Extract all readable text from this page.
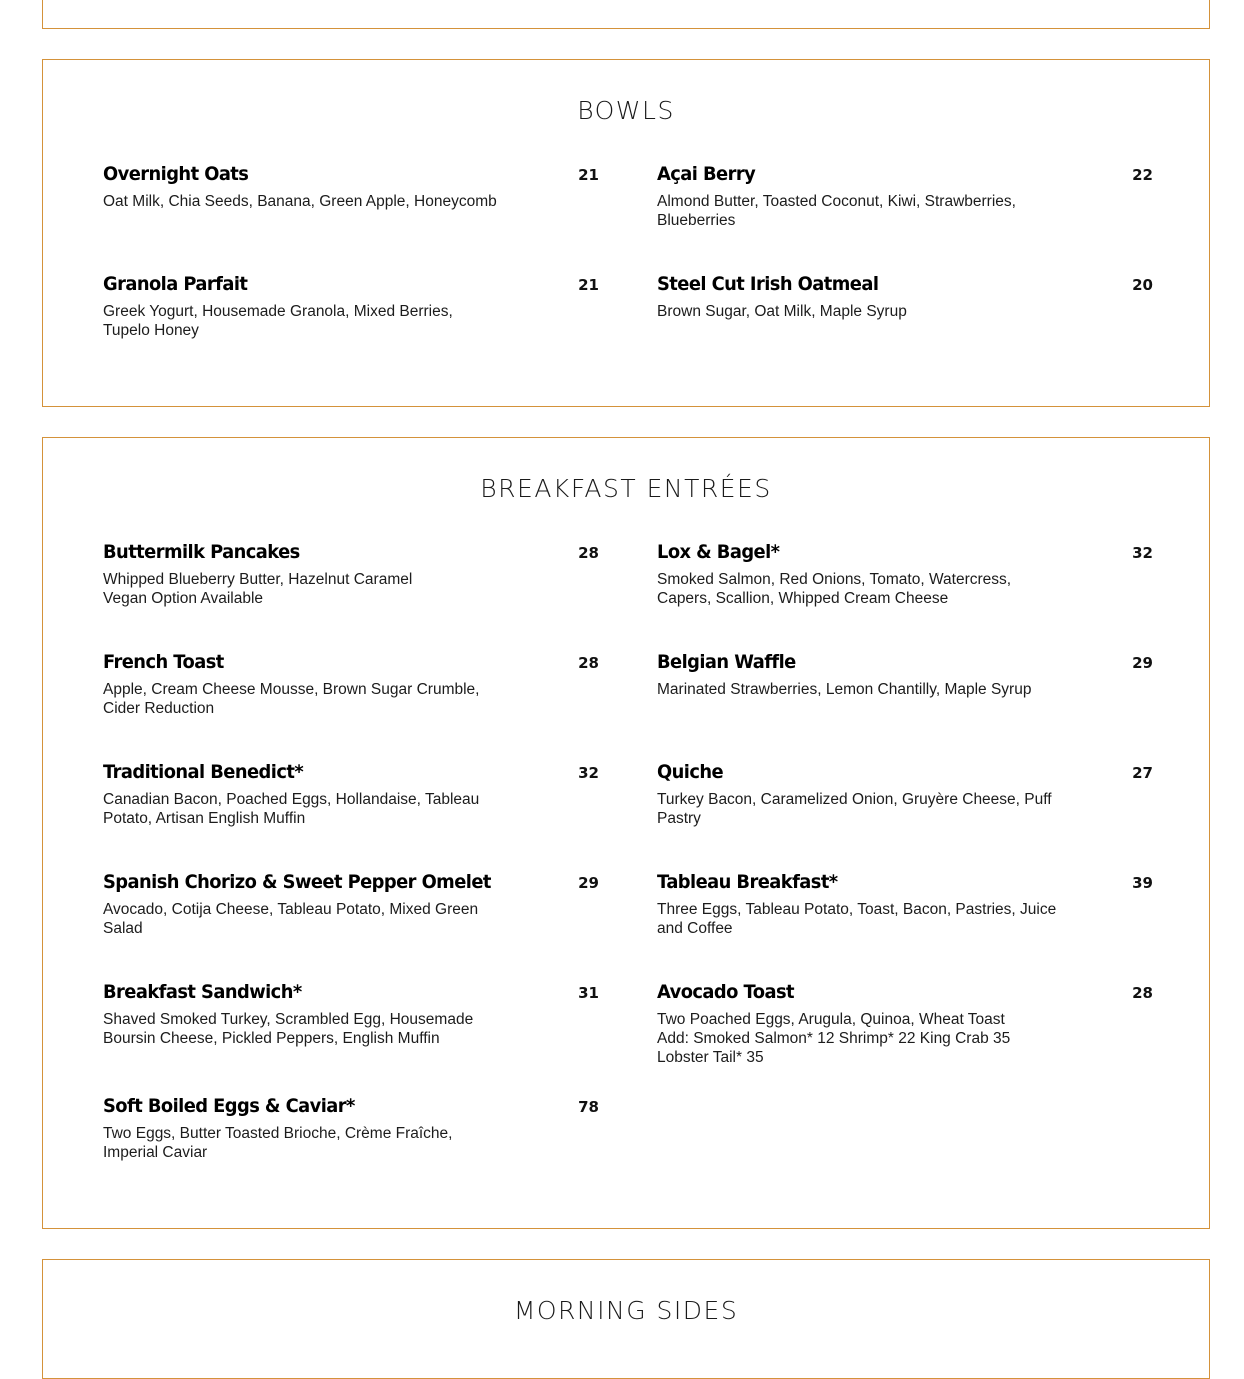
BOWLS
Overnight Oats	21
Oat Milk, Chia Seeds, Banana, Green Apple, Honeycomb
Açai Berry	22
Almond Butter, Toasted Coconut, Kiwi, Strawberries,
Blueberries
Granola Parfait	21
Greek Yogurt, Housemade Granola, Mixed Berries,
Tupelo Honey
Steel Cut Irish Oatmeal	20
Brown Sugar, Oat Milk, Maple Syrup
BREAKFAST ENTRÉES
Buttermilk Pancakes	28
Whipped Blueberry Butter, Hazelnut Caramel
Vegan Option Available
Lox & Bagel*	32
Smoked Salmon, Red Onions, Tomato, Watercress,
Capers, Scallion, Whipped Cream Cheese
French Toast	28
Apple, Cream Cheese Mousse, Brown Sugar Crumble,
Cider Reduction
Belgian Waffle	29
Marinated Strawberries, Lemon Chantilly, Maple Syrup
Traditional Benedict*	32
Canadian Bacon, Poached Eggs, Hollandaise, Tableau
Potato, Artisan English Muffin
Quiche	27
Turkey Bacon, Caramelized Onion, Gruyère Cheese, Puff
Pastry
Spanish Chorizo & Sweet Pepper Omelet	29
Avocado, Cotija Cheese, Tableau Potato, Mixed Green
Salad
Tableau Breakfast*	39
Three Eggs, Tableau Potato, Toast, Bacon, Pastries, Juice
and Coffee
Breakfast Sandwich*	31
Shaved Smoked Turkey, Scrambled Egg, Housemade
Boursin Cheese, Pickled Peppers, English Muffin
Avocado Toast	28
Two Poached Eggs, Arugula, Quinoa, Wheat Toast
Add: Smoked Salmon* 12 Shrimp* 22 King Crab 35
Lobster Tail* 35
Soft Boiled Eggs & Caviar*	78
Two Eggs, Butter Toasted Brioche, Crème Fraîche,
Imperial Caviar
MORNING SIDES
